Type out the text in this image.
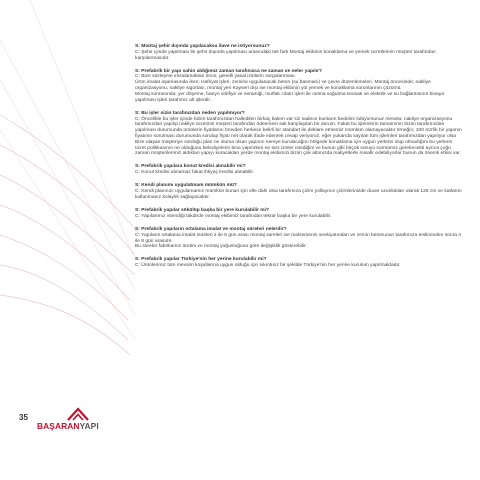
S: Montaj şehir dışında yapılacaksa ilave ne istiyorsunuz?

C: Şehir içinde yapılması ile şehir dışında yapılması arasındaki tek fark Montaj ekibinin konaklama ve yemek ücretlerinin müşteri tarafından karşılanmasıdır.

S: Prefabrik bir yapı sahin aldığımız zaman tarafınızca ne zaman ve neler yapılır?

C: Bize sözleşme imzalamaktan önce; genelli yasal izinlerin sorgulanması.

Ürün imalat aşamasında iken; Hafriyat işleri, zemine uygulanacak beton (su basmanı) ve çevre düzenlemeleri. Montaj öncesinde; nakliye organizasyonu, nakliye sigortası, montaj yeri Kayseri dışı ise montaj ekibinin yol yemek ve konaklama sorunlarının çözümü.

Montaj sonrasında; yer döşeme, banyo vitrifiye ve seramiği, mutfak cılatır işleri ile ısıtma soğutma tesisatı ve elektrik ve su bağlantısının binaya yapılması işleri tarafımız alt işlerdir.

S: Bu işler sizin tarafınızdan neden yapılmıyor?

C: Öncelikle bu işler içinde bizim tarafımızdan halledilen birkaç kalem var siz sadece bunların bedelini ödüyorsunuz mesela; nakliye organizasyonu tarafımızdan yapılıp nakliye ücretinin müşteri tarafından ödenmesi sak karşılaşılan bir durum. Fakat bu işlemlerin tamamının bizim tarafımızdan yapılması durumunda ürünlerin fiyatlarını brovden herkese belirli bir standart ile deklare etmemiz mümkün olamayacaktır örneğin; 100 m2'lik bir yapının fiyatının sorulması durumunda sorulup fiyatı net olarak ifade edemek cevap veriyoruz, eğer yukarıda sayılan tüm işlemleri tarafımızdan yapılıyor olsa

Bize ulaşan müşteriye sorduğu plan ne olursa olsun yapının nereye kurulacağını bölgede konaklama için uygun yerlerin olup olmadığını bu yerlerin ücret politikasının ne olduğunu belediyelerin bina yapılırken ne tarz izinler istediğini ve bunun gibi birçok soruyu sormamız gerekecekti ayrıca çoğu zaman müşterilerimiz aldıkları yapıyı kuracakları yerde montaj ekibimizi bizim çok altımızda maliyetlerle misafir edebiliyorlar bunun da önemli etkisi var.

S: Prefabrik yapılara konut kredisi alınabilir mi?

C: Konut kredisi alınamaz fakat ihtiyaç kredisi alınabilir.

S: Kendi planımı uygulatmam mümkün mü?

C: Kendi planınızı uygulamamız mümkün bunun için elle dahi olsa tarafımıza çizim yollayınız çizimlerinizde duvar uzunlukları olarak 125 cm ve katlarını kullanmanız kolaylık sağlayacaktır.

S: Prefabrik yapılar sökülüp başka bir yere kurulabilir mi?

C: Yapılarımız istendiği takdirde montaj ekibimiz tarafından tekrar başka bir yere kurulabilir.

S: Prefabrik yapıların ortalama imalat ve montaj süreleri nelerdir?

C: Yapıların ortalama imalat süreleri 2 ile 5 gün arası montaj süreleri ise malzemenin sevkiyatından ve zemin betonunun tarafımıza tesliminden sonra 4 ile 8 gün arasıdır.

Bu süreler fabrikamız üretim ve montaj yoğunluğuna göre değişiklik gösterebilir.

S: Prefabrik yapılar Türkiye'nin her yerine kurulabilir mi?

C: Ürünlerimiz tüm mevsim koşullarına uygun olduğu için sıkıntısız bir şekilde Türkiye'nin her yerine kurulum yapılmaktadır.

35
BAŞARANYAPI
